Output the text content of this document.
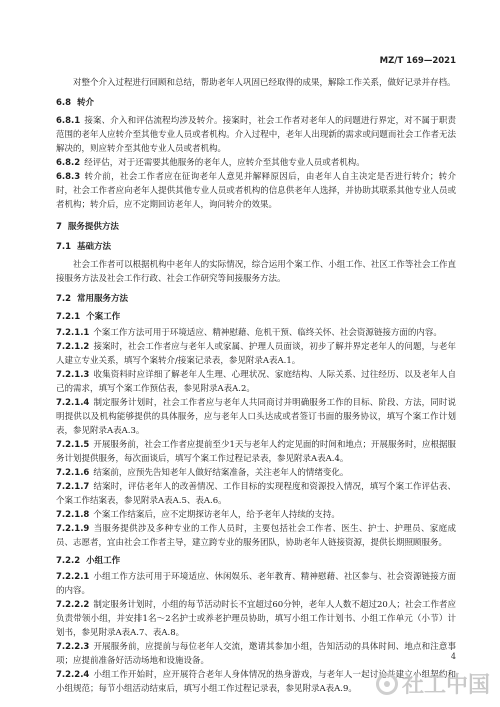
MZ/T 169—2021

对整个介入过程进行回顾和总结，帮助老年人巩固已经取得的成果，解除工作关系，做好记录并存档。

6.8 转介

6.8.1 接案、介入和评估流程均涉及转介。接案时，社会工作者对老年人的问题进行界定，对不属于职责范围的老年人应转介至其他专业人员或者机构。介入过程中，老年人出现新的需求或问题而社会工作者无法解决的，则应转介至其他专业人员或者机构。

6.8.2 经评估，对于还需要其他服务的老年人，应转介至其他专业人员或者机构。

6.8.3 转介前，社会工作者应在征询老年人意见并解释原因后，由老年人自主决定是否进行转介；转介时，社会工作者应向老年人提供其他专业人员或者机构的信息供老年人选择，并协助其联系其他专业人员或者机构；转介后，应不定期回访老年人，询问转介的效果。

7 服务提供方法
7.1 基础方法

社会工作者可以根据机构中老年人的实际情况，综合运用个案工作、小组工作、社区工作等社会工作直接服务方法及社会工作行政、社会工作研究等间接服务方法。

7.2 常用服务方法
7.2.1 个案工作

7.2.1.1 个案工作方法可用于环境适应、精神慰藉、危机干预、临终关怀、社会资源链接方面的内容。

7.2.1.2 接案时，社会工作者应与老年人或家属、护理人员面谈，初步了解并界定老年人的问题，与老年人建立专业关系，填写个案转介/接案记录表，参见附录A表A.1。

7.2.1.3 收集资料时应详细了解老年人生理、心理状况、家庭结构、人际关系、过往经历、以及老年人自己的需求，填写个案工作预估表，参见附录A表A.2。

7.2.1.4 制定服务计划时，社会工作者应与老年人共同商讨并明确服务工作的目标、阶段、方法，同时说明提供以及机构能够提供的具体服务，应与老年人口头达成或者签订书面的服务协议，填写个案工作计划表，参见附录A表A.3。

7.2.1.5 开展服务前，社会工作者应提前至少1天与老年人约定见面的时间和地点；开展服务时，应根据服务计划提供服务，每次面谈后，填写个案工作过程记录表，参见附录A表A.4。

7.2.1.6 结案前，应预先告知老年人做好结案准备，关注老年人的情绪变化。

7.2.1.7 结案时，评估老年人的改善情况、工作目标的实现程度和资源投入情况，填写个案工作评估表、个案工作结案表，参见附录A表A.5、表A.6。

7.2.1.8 个案工作结案后，应不定期探访老年人，给予老年人持续的支持。

7.2.1.9 当服务提供涉及多种专业的工作人员时，主要包括社会工作者、医生、护士、护理员、家庭成员、志愿者，宜由社会工作者主导，建立跨专业的服务团队，协助老年人链接资源，提供长期照顾服务。

7.2.2 小组工作

7.2.2.1 小组工作方法可用于环境适应、休闲娱乐、老年教育、精神慰藉、社区参与、社会资源链接方面的内容。

7.2.2.2 制定服务计划时，小组的每节活动时长不宜超过60分钟，老年人人数不超过20人；社会工作者应负责带领小组，并安排1名～2名护士或养老护理员协助，填写小组工作计划书、小组工作单元（小节）计划书，参见附录A表A.7、表A.8。

7.2.2.3 开展服务前，应提前与每位老年人交流，邀请其参加小组，告知活动的具体时间、地点和注意事项；应提前准备好活动场地和设施设备。

7.2.2.4 小组工作开始时，应开展符合老年人身体情况的热身游戏，与老年人一起讨论并建立小组契约和小组规范；每节小组活动结束后，填写小组工作过程记录表，参见附录A表A.9。

4
社工中国
